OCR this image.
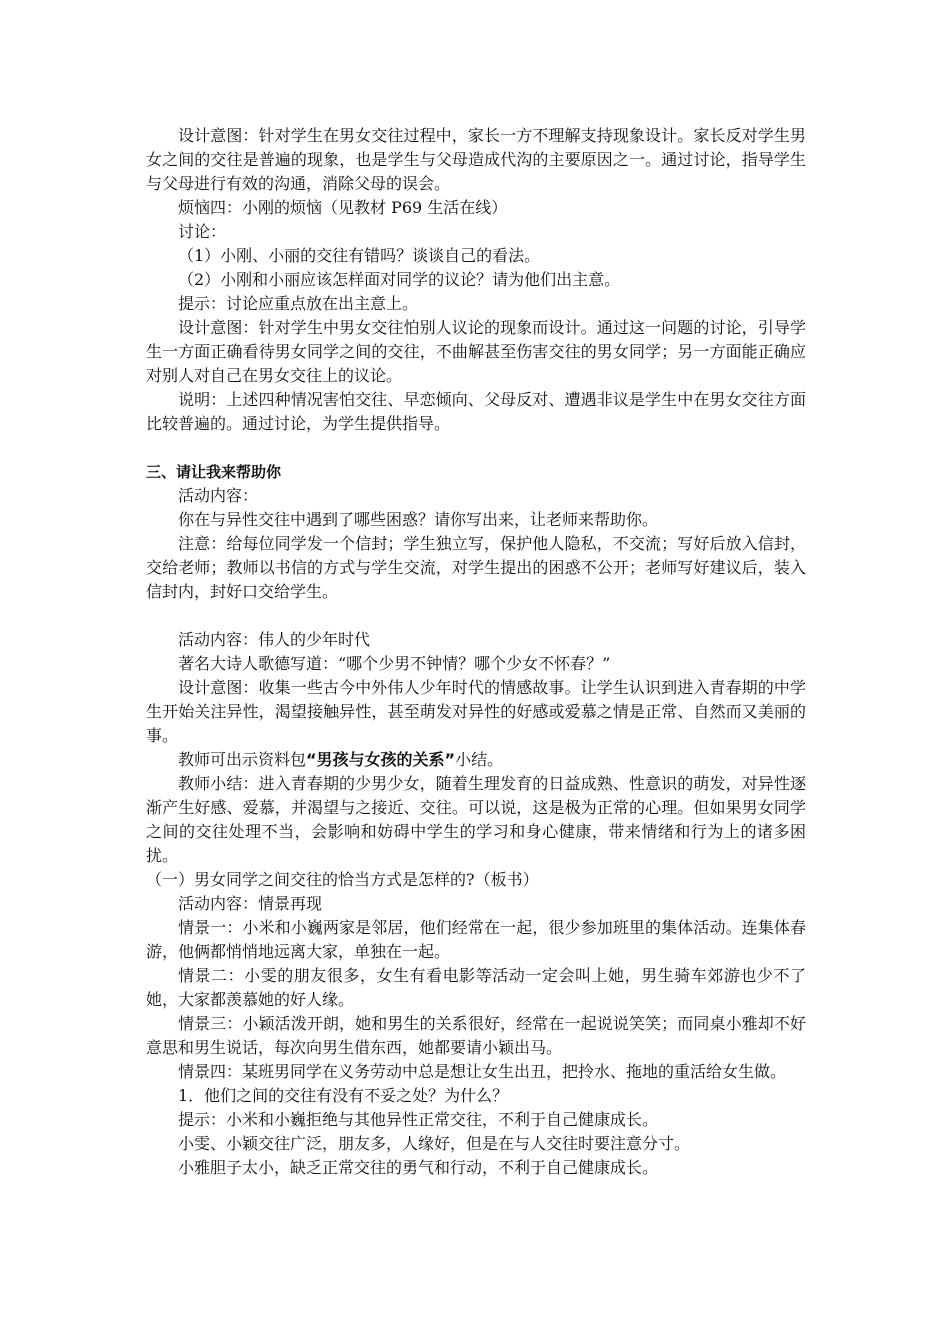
设计意图：针对学生在男女交往过程中，家长一方不理解支持现象设计。家长反对学生男女之间的交往是普遍的现象，也是学生与父母造成代沟的主要原因之一。通过讨论，指导学生与父母进行有效的沟通，消除父母的误会。

烦恼四：小刚的烦恼（见教材 P69 生活在线）

讨论：

（1）小刚、小丽的交往有错吗？谈谈自己的看法。

（2）小刚和小丽应该怎样面对同学的议论？请为他们出主意。

提示：讨论应重点放在出主意上。

设计意图：针对学生中男女交往怕别人议论的现象而设计。通过这一问题的讨论，引导学生一方面正确看待男女同学之间的交往，不曲解甚至伤害交往的男女同学；另一方面能正确应对别人对自己在男女交往上的议论。

说明：上述四种情况害怕交往、早恋倾向、父母反对、遭遇非议是学生中在男女交往方面比较普遍的。通过讨论，为学生提供指导。

三、请让我来帮助你

活动内容：

你在与异性交往中遇到了哪些困惑？请你写出来，让老师来帮助你。

注意：给每位同学发一个信封；学生独立写，保护他人隐私，不交流；写好后放入信封，交给老师；教师以书信的方式与学生交流，对学生提出的困惑不公开；老师写好建议后，装入信封内，封好口交给学生。

活动内容：伟人的少年时代

著名大诗人歌德写道：“哪个少男不钟情？哪个少女不怀春？”

设计意图：收集一些古今中外伟人少年时代的情感故事。让学生认识到进入青春期的中学生开始关注异性，渴望接触异性，甚至萌发对异性的好感或爱慕之情是正常、自然而又美丽的事。

教师可出示资料包“男孩与女孩的关系”小结。

教师小结：进入青春期的少男少女，随着生理发育的日益成熟、性意识的萌发，对异性逐渐产生好感、爱慕，并渴望与之接近、交往。可以说，这是极为正常的心理。但如果男女同学之间的交往处理不当，会影响和妨碍中学生的学习和身心健康，带来情绪和行为上的诸多困扰。

（一）男女同学之间交往的恰当方式是怎样的?（板书）

活动内容：情景再现

情景一：小米和小巍两家是邻居，他们经常在一起，很少参加班里的集体活动。连集体春游，他俩都悄悄地远离大家，单独在一起。

情景二：小雯的朋友很多，女生有看电影等活动一定会叫上她，男生骑车郊游也少不了她，大家都羡慕她的好人缘。

情景三：小颖活泼开朗，她和男生的关系很好，经常在一起说说笑笑；而同桌小雅却不好意思和男生说话，每次向男生借东西，她都要请小颖出马。

情景四：某班男同学在义务劳动中总是想让女生出丑，把拎水、拖地的重活给女生做。

1．他们之间的交往有没有不妥之处？为什么？

提示：小米和小巍拒绝与其他异性正常交往，不利于自己健康成长。

小雯、小颖交往广泛，朋友多，人缘好，但是在与人交往时要注意分寸。

小雅胆子太小，缺乏正常交往的勇气和行动，不利于自己健康成长。
